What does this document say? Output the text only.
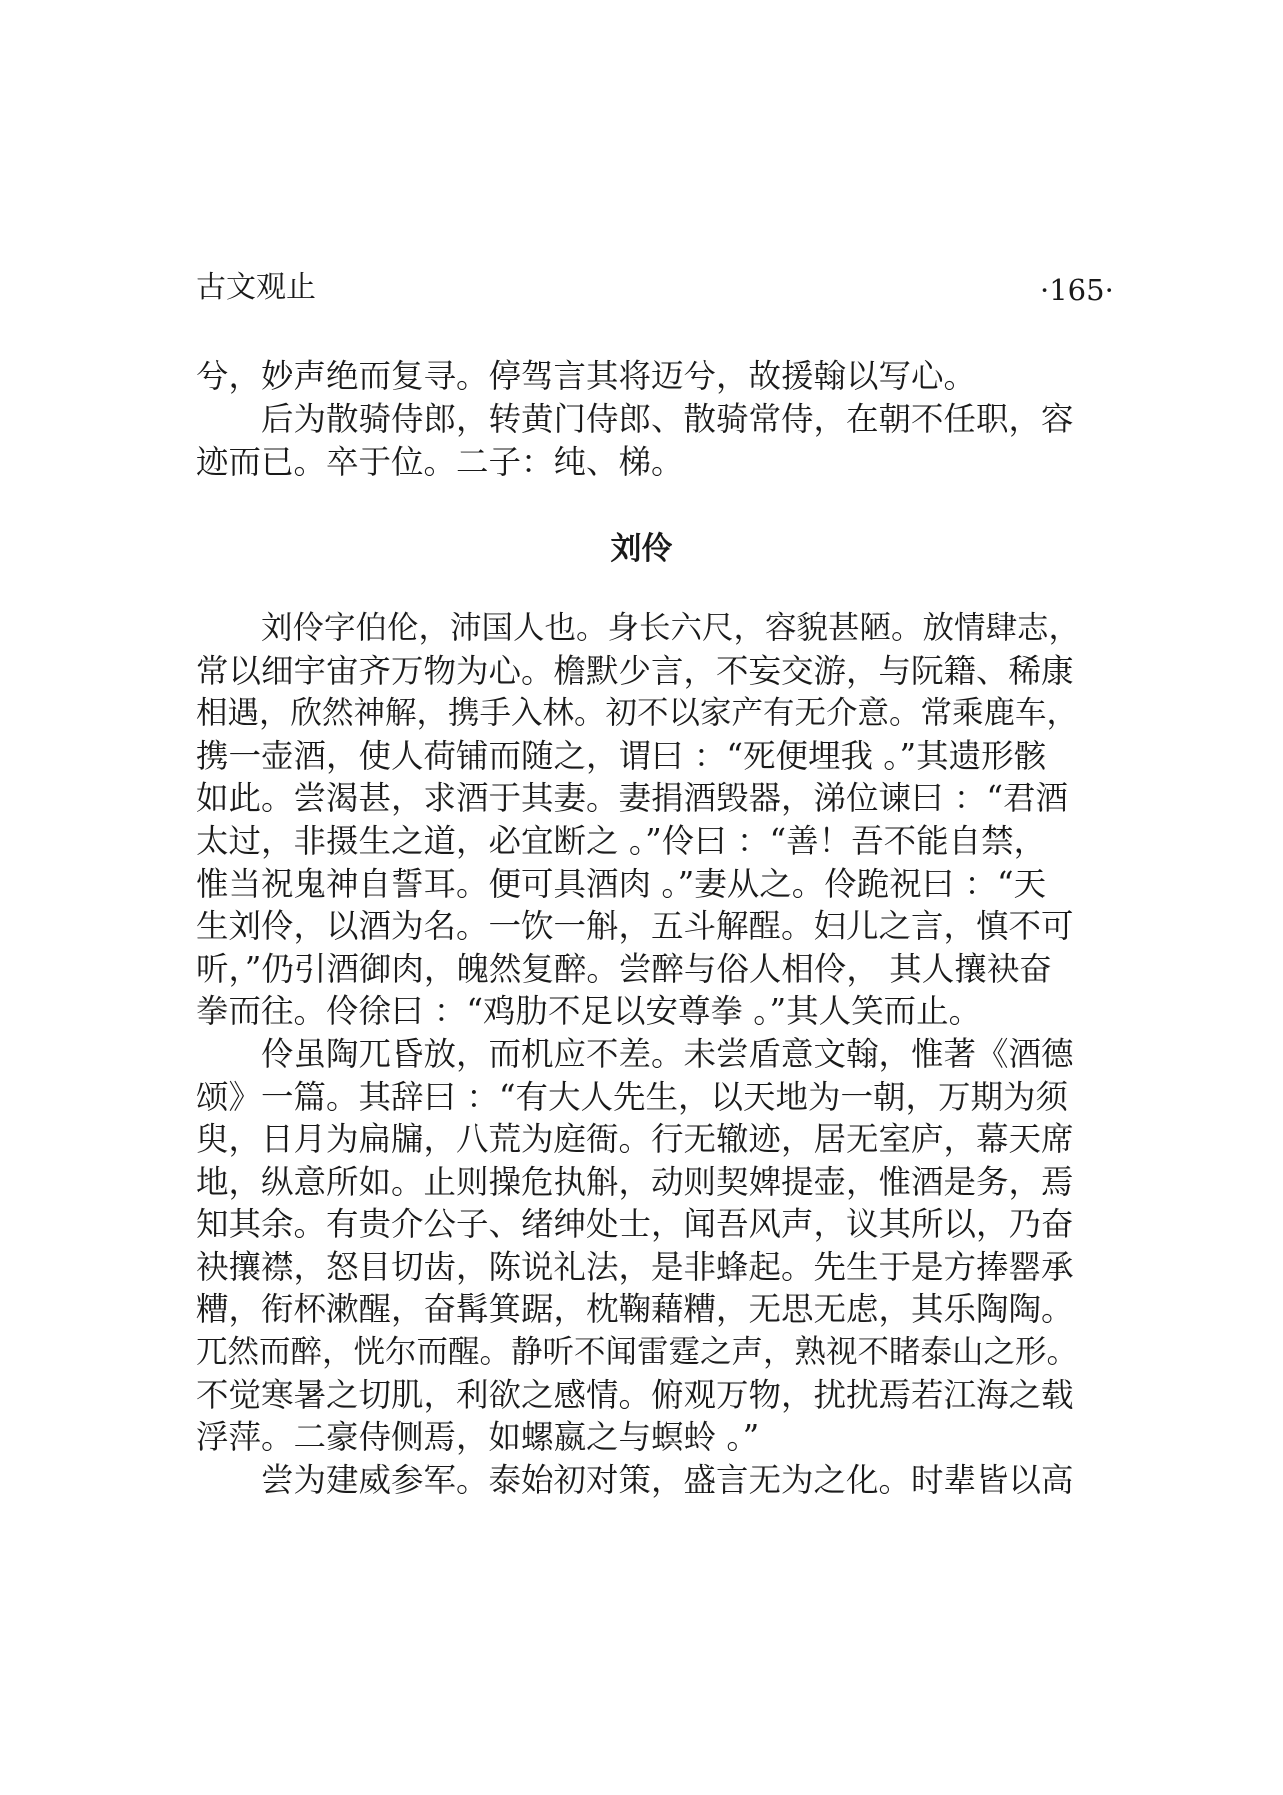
古文观止	·165·
兮，妙声绝而复寻。停驾言其将迈兮，故援翰以写心。
后为散骑侍郎，转黄门侍郎、散骑常侍，在朝不任职，容
迹而已。卒于位。二子：纯、梯。
刘伶
刘伶字伯伦，沛国人也。身长六尺，容貌甚陋。放情肆志，
常以细宇宙齐万物为心。檐默少言，不妄交游，与阮籍、稀康
相遇，欣然神解，携手入林。初不以家产有无介意。常乘鹿车，
携一壶酒，使人荷铺而随之，谓曰 ：“死便埋我 。”其遗形骸
如此。尝渴甚，求酒于其妻。妻捐酒毁器，涕位谏曰 ：“君酒
太过，非摄生之道，必宜断之 。”伶曰 ：“善！吾不能自禁，
惟当祝鬼神自誓耳。便可具酒肉 。”妻从之。伶跪祝曰 ：“天
生刘伶，以酒为名。一饮一斛，五斗解酲。妇儿之言，慎不可
听，”仍引酒御肉，魄然复醉。尝醉与俗人相伶， 其人攘袂奋
拳而往。伶徐曰 ：“鸡肋不足以安尊拳 。”其人笑而止。
伶虽陶兀昏放，而机应不差。未尝盾意文翰，惟著《酒德
颂》一篇。其辞曰 ：“有大人先生，以天地为一朝，万期为须
臾，日月为扁牖，八荒为庭衙。行无辙迹，居无室庐，幕天席
地，纵意所如。止则操危执斛，动则契婢提壶，惟酒是务，焉
知其余。有贵介公子、绪绅处士，闻吾风声，议其所以，乃奋
袂攘襟，怒目切齿，陈说礼法，是非蜂起。先生于是方捧罂承
糟，衔杯漱醒，奋髯箕踞，枕鞠藉糟，无思无虑，其乐陶陶。
兀然而醉，恍尔而醒。静听不闻雷霆之声，熟视不睹泰山之形。
不觉寒暑之切肌，利欲之感情。俯观万物，扰扰焉若江海之载
浮萍。二豪侍侧焉，如螺嬴之与螟蛉 。”
尝为建威参军。泰始初对策，盛言无为之化。时辈皆以高
